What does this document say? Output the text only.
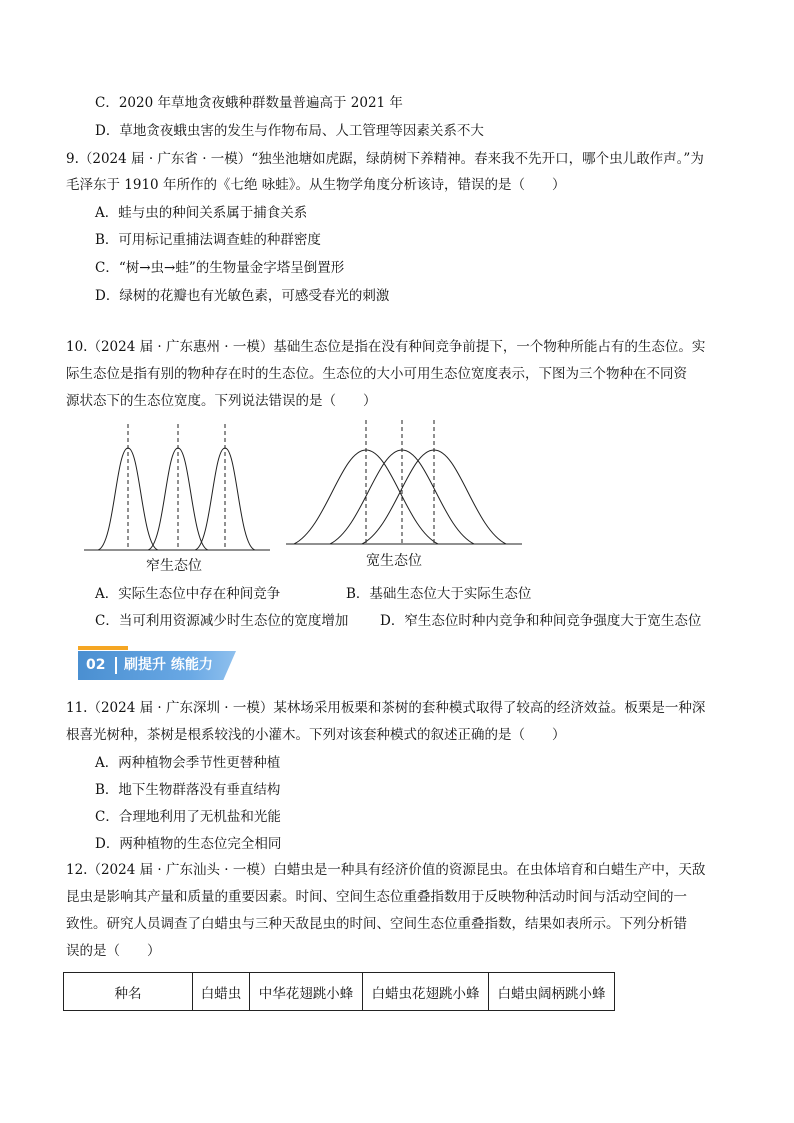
C．2020 年草地贪夜蛾种群数量普遍高于 2021 年
D．草地贪夜蛾虫害的发生与作物布局、人工管理等因素关系不大
9.（2024 届 · 广东省 · 一模）“独坐池塘如虎踞，绿荫树下养精神。春来我不先开口，哪个虫儿敢作声。”为
毛泽东于 1910 年所作的《七绝 咏蛙》。从生物学角度分析该诗，错误的是（　　）
A．蛙与虫的种间关系属于捕食关系
B．可用标记重捕法调查蛙的种群密度
C．“树→虫→蛙”的生物量金字塔呈倒置形
D．绿树的花瓣也有光敏色素，可感受春光的刺激
10.（2024 届 · 广东惠州 · 一模）基础生态位是指在没有种间竞争前提下，一个物种所能占有的生态位。实
际生态位是指有别的物种存在时的生态位。生态位的大小可用生态位宽度表示，下图为三个物种在不同资
源状态下的生态位宽度。下列说法错误的是（　　）
窄生态位	宽生态位
A．实际生态位中存在种间竞争	B．基础生态位大于实际生态位
C．当可利用资源减少时生态位的宽度增加 D．窄生态位时种内竞争和种间竞争强度大于宽生态位
02 刷提升 练能力
11.（2024 届 · 广东深圳 · 一模）某林场采用板栗和茶树的套种模式取得了较高的经济效益。板栗是一种深
根喜光树种，茶树是根系较浅的小灌木。下列对该套种模式的叙述正确的是（　　）
A．两种植物会季节性更替种植
B．地下生物群落没有垂直结构
C．合理地利用了无机盐和光能
D．两种植物的生态位完全相同
12.（2024 届 · 广东汕头 · 一模）白蜡虫是一种具有经济价值的资源昆虫。在虫体培育和白蜡生产中，天敌
昆虫是影响其产量和质量的重要因素。时间、空间生态位重叠指数用于反映物种活动时间与活动空间的一
致性。研究人员调查了白蜡虫与三种天敌昆虫的时间、空间生态位重叠指数，结果如表所示。下列分析错
误的是（　　）
种名	白蜡虫	中华花翅跳小蜂	白蜡虫花翅跳小蜂	白蜡虫阔柄跳小蜂
